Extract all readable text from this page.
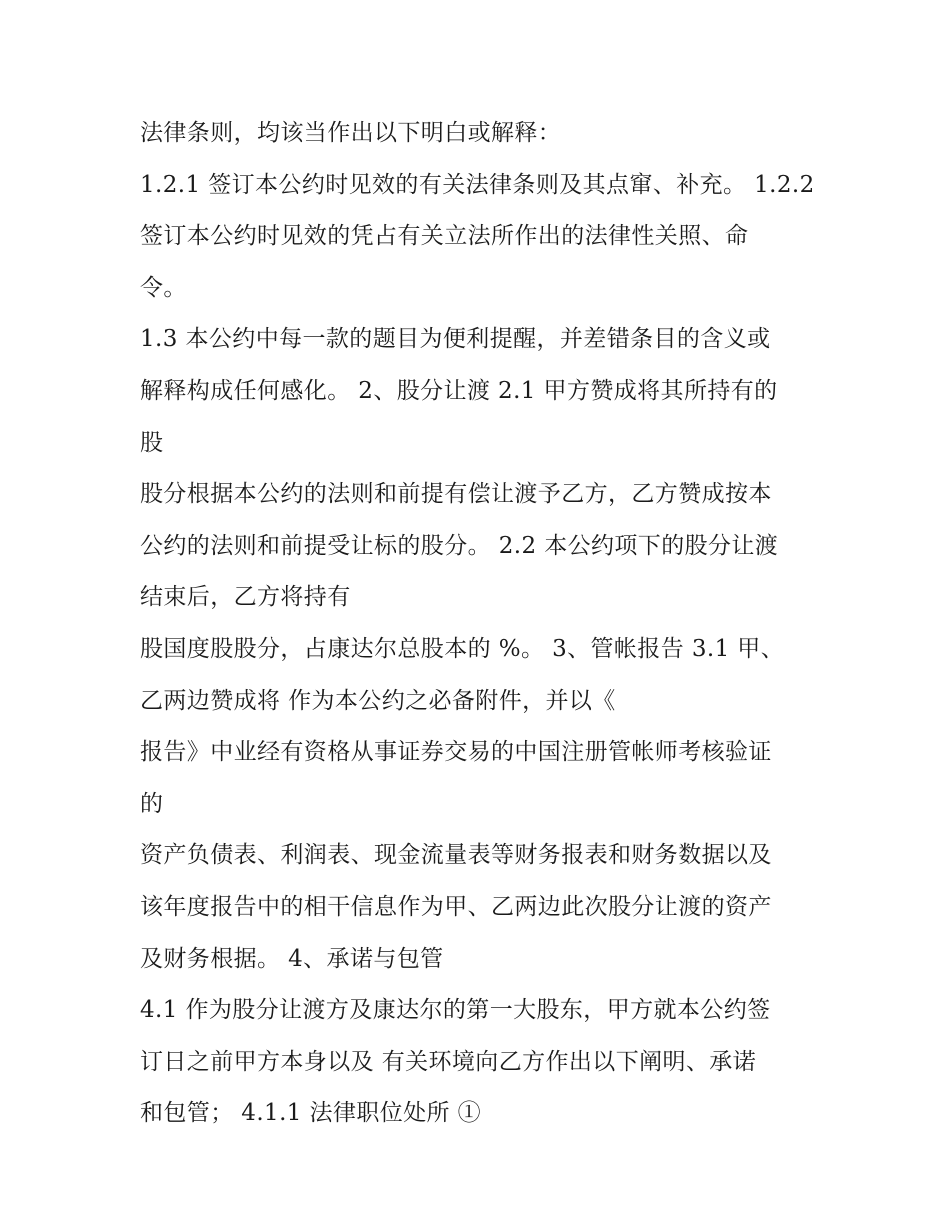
法律条则，均该当作出以下明白或解释：
1.2.1 签订本公约时见效的有关法律条则及其点窜、补充。 1.2.2
签订本公约时见效的凭占有关立法所作出的法律性关照、命
令。
1.3 本公约中每一款的题目为便利提醒，并差错条目的含义或
解释构成任何感化。 2、股分让渡 2.1 甲方赞成将其所持有的
股
股分根据本公约的法则和前提有偿让渡予乙方，乙方赞成按本
公约的法则和前提受让标的股分。 2.2 本公约项下的股分让渡
结束后，乙方将持有
股国度股股分，占康达尔总股本的 %。 3、管帐报告 3.1 甲、
乙两边赞成将 作为本公约之必备附件，并以《
报告》中业经有资格从事证券交易的中国注册管帐师考核验证
的
资产负债表、利润表、现金流量表等财务报表和财务数据以及
该年度报告中的相干信息作为甲、乙两边此次股分让渡的资产
及财务根据。 4、承诺与包管
4.1 作为股分让渡方及康达尔的第一大股东，甲方就本公约签
订日之前甲方本身以及 有关环境向乙方作出以下阐明、承诺
和包管； 4.1.1 法律职位处所 ①
